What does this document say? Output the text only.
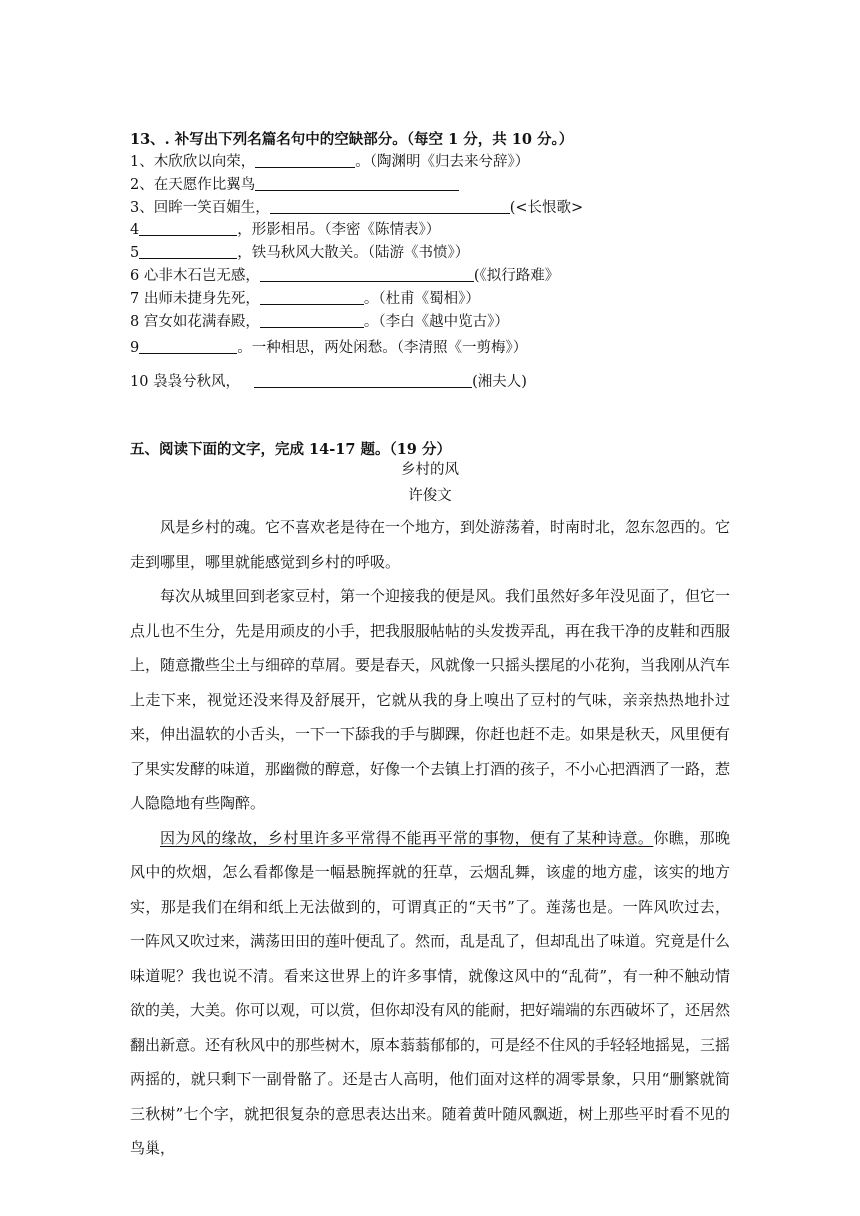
13、. 补写出下列名篇名句中的空缺部分。（每空 1 分，共 10 分。）
1、木欣欣以向荣，	。（陶渊明《归去来兮辞》）
2、在天愿作比翼鸟
3、回眸一笑百媚生，	(<长恨歌>
4	，形影相吊。（李密《陈情表》）
5	，铁马秋风大散关。（陆游《书愤》）
6 心非木石岂无感，	(《拟行路难》
7 出师未捷身先死，	。（杜甫《蜀相》）
8 宫女如花满春殿，	。（李白《越中览古》）
9	。一种相思，两处闲愁。（李清照《一剪梅》）
10 袅袅兮秋风，	(湘夫人)
五、阅读下面的文字，完成 14-17 题。（19 分）
乡村的风
许俊文

风是乡村的魂。它不喜欢老是待在一个地方，到处游荡着，时南时北，忽东忽西的。它走到哪里，哪里就能感觉到乡村的呼吸。

每次从城里回到老家豆村，第一个迎接我的便是风。我们虽然好多年没见面了，但它一点儿也不生分，先是用顽皮的小手，把我服服帖帖的头发拨弄乱，再在我干净的皮鞋和西服上，随意撒些尘土与细碎的草屑。要是春天，风就像一只摇头摆尾的小花狗，当我刚从汽车上走下来，视觉还没来得及舒展开，它就从我的身上嗅出了豆村的气味，亲亲热热地扑过来，伸出温软的小舌头，一下一下舔我的手与脚踝，你赶也赶不走。如果是秋天，风里便有了果实发酵的味道，那幽微的醇意，好像一个去镇上打酒的孩子，不小心把酒洒了一路，惹人隐隐地有些陶醉。

因为风的缘故，乡村里许多平常得不能再平常的事物，便有了某种诗意。你瞧，那晚风中的炊烟，怎么看都像是一幅悬腕挥就的狂草，云烟乱舞，该虚的地方虚，该实的地方实，那是我们在绢和纸上无法做到的，可谓真正的“天书”了。莲荡也是。一阵风吹过去，一阵风又吹过来，满荡田田的莲叶便乱了。然而，乱是乱了，但却乱出了味道。究竟是什么味道呢？我也说不清。看来这世界上的许多事情，就像这风中的“乱荷”，有一种不触动情欲的美，大美。你可以观，可以赏，但你却没有风的能耐，把好端端的东西破坏了，还居然翻出新意。还有秋风中的那些树木，原本蓊蓊郁郁的，可是经不住风的手轻轻地摇晃，三摇两摇的，就只剩下一副骨骼了。还是古人高明，他们面对这样的凋零景象，只用“删繁就简三秋树”七个字，就把很复杂的意思表达出来。随着黄叶随风飘逝，树上那些平时看不见的鸟巢，
